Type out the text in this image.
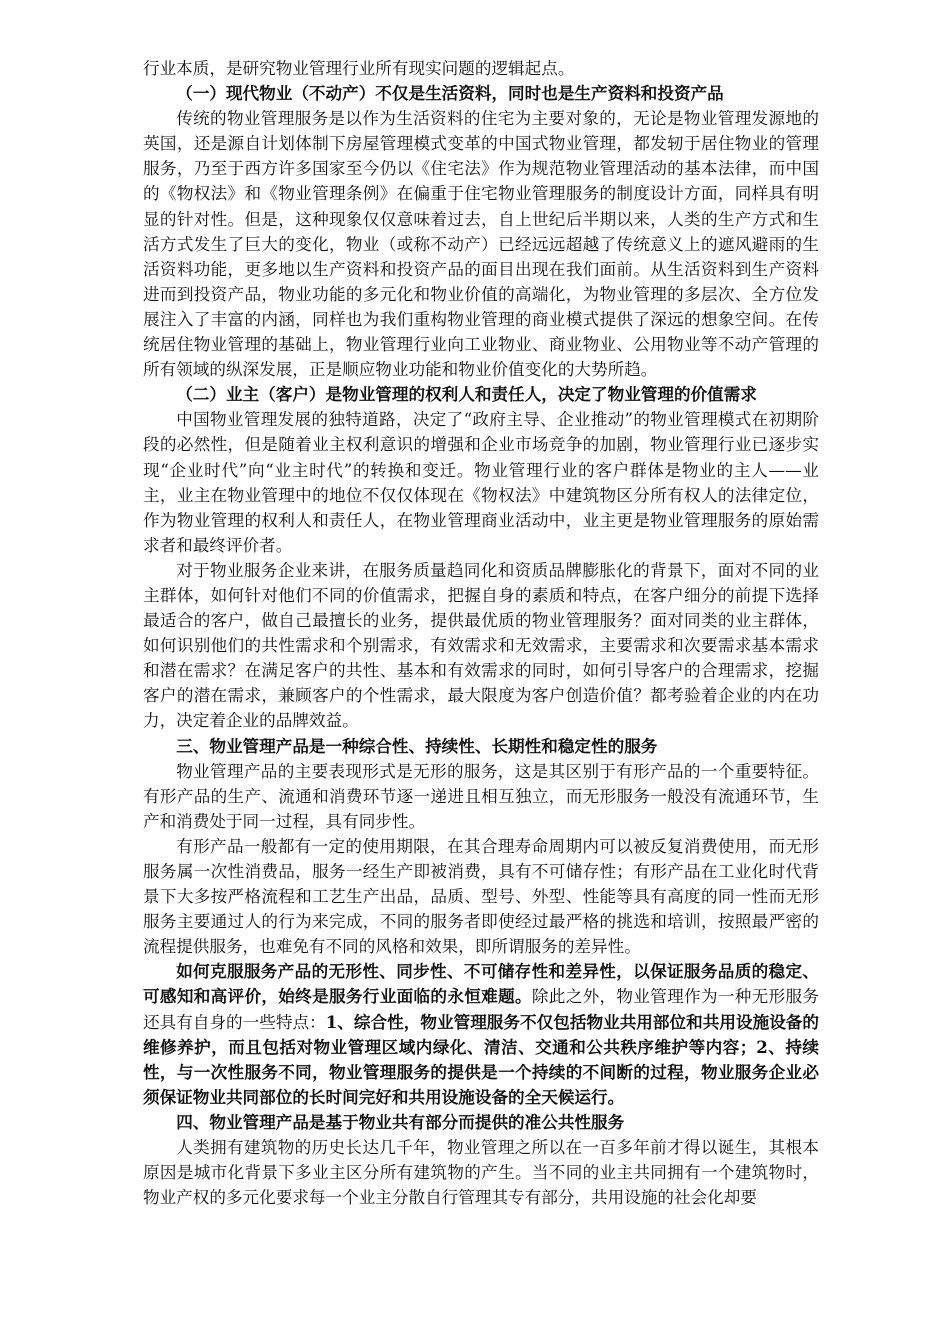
行业本质，是研究物业管理行业所有现实问题的逻辑起点。

（一）现代物业（不动产）不仅是生活资料，同时也是生产资料和投资产品

传统的物业管理服务是以作为生活资料的住宅为主要对象的，无论是物业管理发源地的英国，还是源自计划体制下房屋管理模式变革的中国式物业管理，都发轫于居住物业的管理服务，乃至于西方许多国家至今仍以《住宅法》作为规范物业管理活动的基本法律，而中国的《物权法》和《物业管理条例》在偏重于住宅物业管理服务的制度设计方面，同样具有明显的针对性。但是，这种现象仅仅意味着过去，自上世纪后半期以来，人类的生产方式和生活方式发生了巨大的变化，物业（或称不动产）已经远远超越了传统意义上的遮风避雨的生活资料功能，更多地以生产资料和投资产品的面目出现在我们面前。从生活资料到生产资料进而到投资产品，物业功能的多元化和物业价值的高端化，为物业管理的多层次、全方位发展注入了丰富的内涵，同样也为我们重构物业管理的商业模式提供了深远的想象空间。在传统居住物业管理的基础上，物业管理行业向工业物业、商业物业、公用物业等不动产管理的所有领域的纵深发展，正是顺应物业功能和物业价值变化的大势所趋。

（二）业主（客户）是物业管理的权利人和责任人，决定了物业管理的价值需求

中国物业管理发展的独特道路，决定了“政府主导、企业推动”的物业管理模式在初期阶段的必然性，但是随着业主权利意识的增强和企业市场竞争的加剧，物业管理行业已逐步实现“企业时代”向“业主时代”的转换和变迁。物业管理行业的客户群体是物业的主人——业主，业主在物业管理中的地位不仅仅体现在《物权法》中建筑物区分所有权人的法律定位，作为物业管理的权利人和责任人，在物业管理商业活动中，业主更是物业管理服务的原始需求者和最终评价者。

对于物业服务企业来讲，在服务质量趋同化和资质品牌膨胀化的背景下，面对不同的业主群体，如何针对他们不同的价值需求，把握自身的素质和特点，在客户细分的前提下选择最适合的客户，做自己最擅长的业务，提供最优质的物业管理服务？面对同类的业主群体，如何识别他们的共性需求和个别需求，有效需求和无效需求，主要需求和次要需求基本需求和潜在需求？在满足客户的共性、基本和有效需求的同时，如何引导客户的合理需求，挖掘客户的潜在需求，兼顾客户的个性需求，最大限度为客户创造价值？都考验着企业的内在功力，决定着企业的品牌效益。

三、物业管理产品是一种综合性、持续性、长期性和稳定性的服务

物业管理产品的主要表现形式是无形的服务，这是其区别于有形产品的一个重要特征。有形产品的生产、流通和消费环节逐一递进且相互独立，而无形服务一般没有流通环节，生产和消费处于同一过程，具有同步性。

有形产品一般都有一定的使用期限，在其合理寿命周期内可以被反复消费使用，而无形服务属一次性消费品，服务一经生产即被消费，具有不可储存性；有形产品在工业化时代背景下大多按严格流程和工艺生产出品，品质、型号、外型、性能等具有高度的同一性而无形服务主要通过人的行为来完成，不同的服务者即使经过最严格的挑选和培训，按照最严密的流程提供服务，也难免有不同的风格和效果，即所谓服务的差异性。

如何克服服务产品的无形性、同步性、不可储存性和差异性，以保证服务品质的稳定、可感知和高评价，始终是服务行业面临的永恒难题。除此之外，物业管理作为一种无形服务还具有自身的一些特点：1、综合性，物业管理服务不仅包括物业共用部位和共用设施设备的维修养护，而且包括对物业管理区域内绿化、清洁、交通和公共秩序维护等内容；2、持续性，与一次性服务不同，物业管理服务的提供是一个持续的不间断的过程，物业服务企业必须保证物业共同部位的长时间完好和共用设施设备的全天候运行。

四、物业管理产品是基于物业共有部分而提供的准公共性服务

人类拥有建筑物的历史长达几千年，物业管理之所以在一百多年前才得以诞生，其根本原因是城市化背景下多业主区分所有建筑物的产生。当不同的业主共同拥有一个建筑物时，物业产权的多元化要求每一个业主分散自行管理其专有部分，共用设施的社会化却要
